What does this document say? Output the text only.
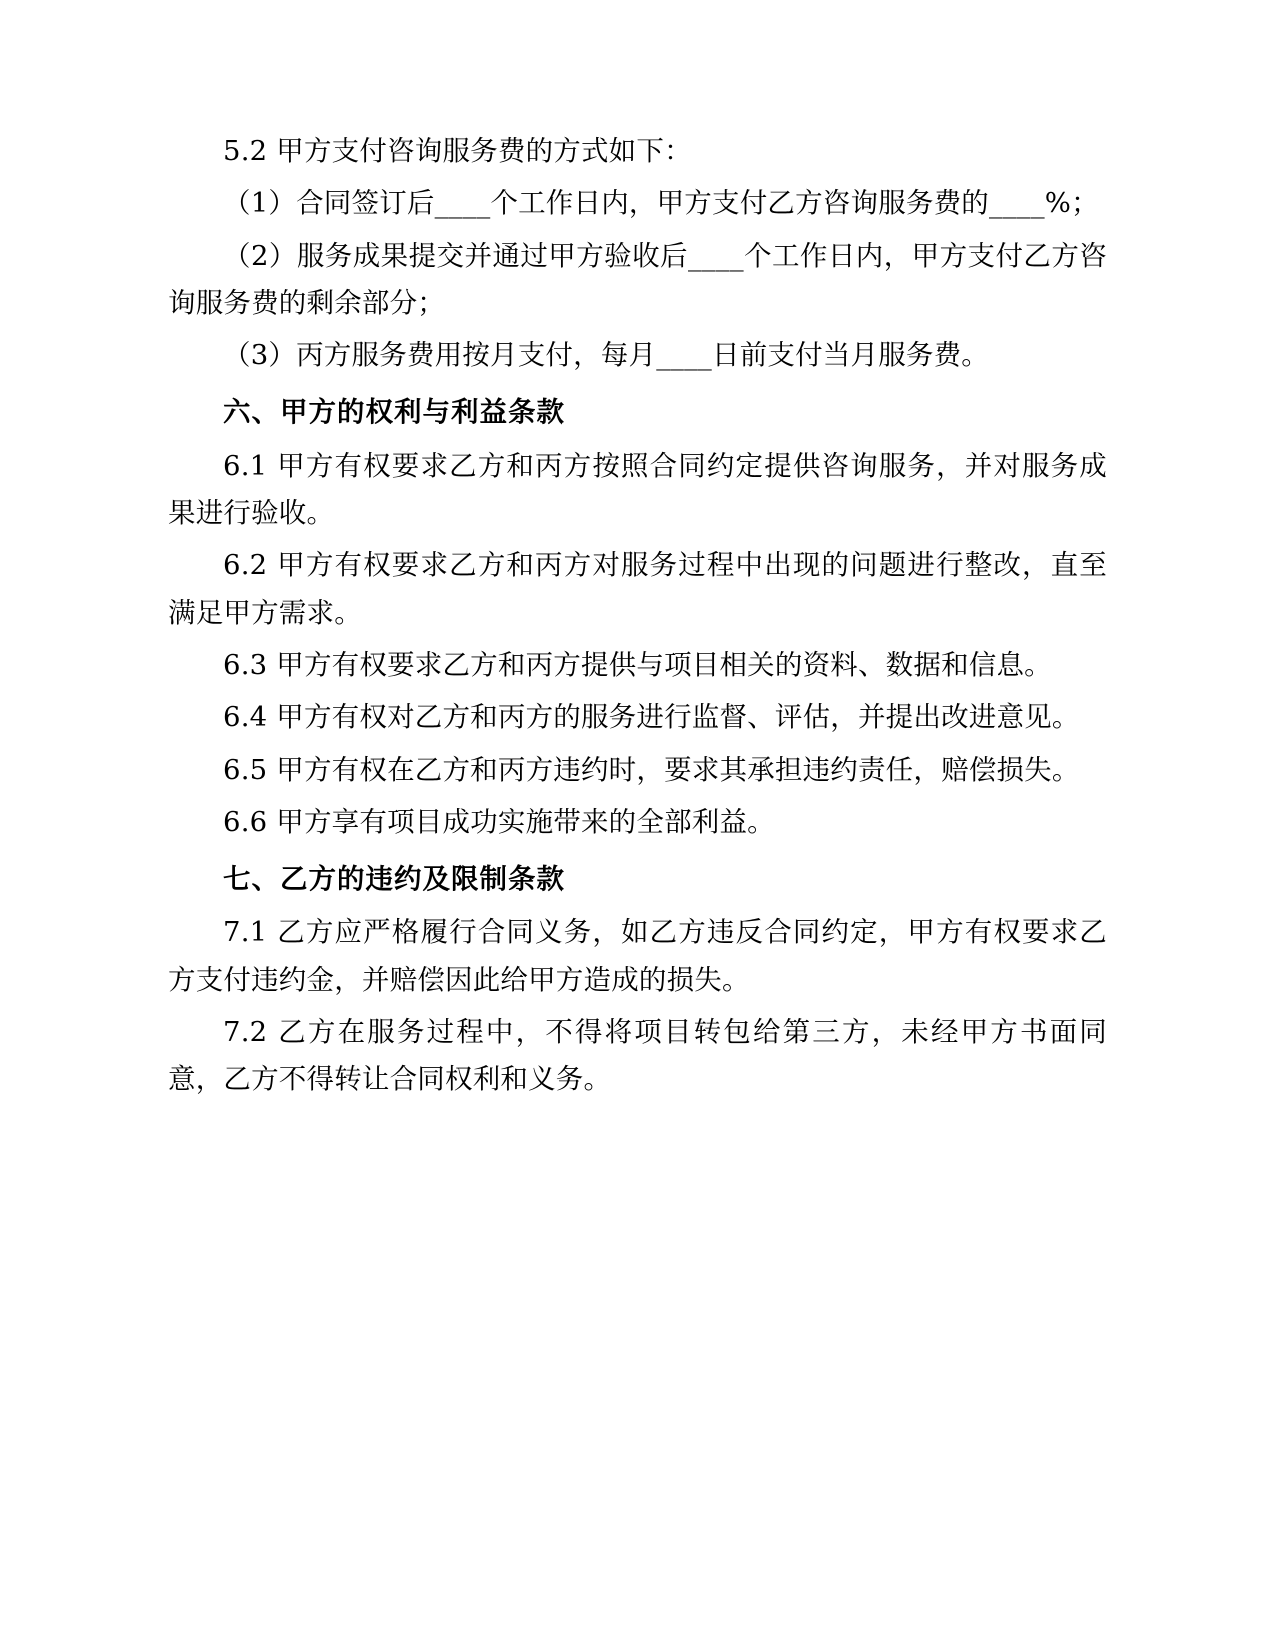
5.2 甲方支付咨询服务费的方式如下：

（1）合同签订后____个工作日内，甲方支付乙方咨询服务费的____%；

（2）服务成果提交并通过甲方验收后____个工作日内，甲方支付乙方咨询服务费的剩余部分；

（3）丙方服务费用按月支付，每月____日前支付当月服务费。

六、甲方的权利与利益条款

6.1 甲方有权要求乙方和丙方按照合同约定提供咨询服务，并对服务成果进行验收。

6.2 甲方有权要求乙方和丙方对服务过程中出现的问题进行整改，直至满足甲方需求。

6.3 甲方有权要求乙方和丙方提供与项目相关的资料、数据和信息。

6.4 甲方有权对乙方和丙方的服务进行监督、评估，并提出改进意见。

6.5 甲方有权在乙方和丙方违约时，要求其承担违约责任，赔偿损失。

6.6 甲方享有项目成功实施带来的全部利益。

七、乙方的违约及限制条款

7.1 乙方应严格履行合同义务，如乙方违反合同约定，甲方有权要求乙方支付违约金，并赔偿因此给甲方造成的损失。

7.2 乙方在服务过程中，不得将项目转包给第三方，未经甲方书面同意，乙方不得转让合同权利和义务。
